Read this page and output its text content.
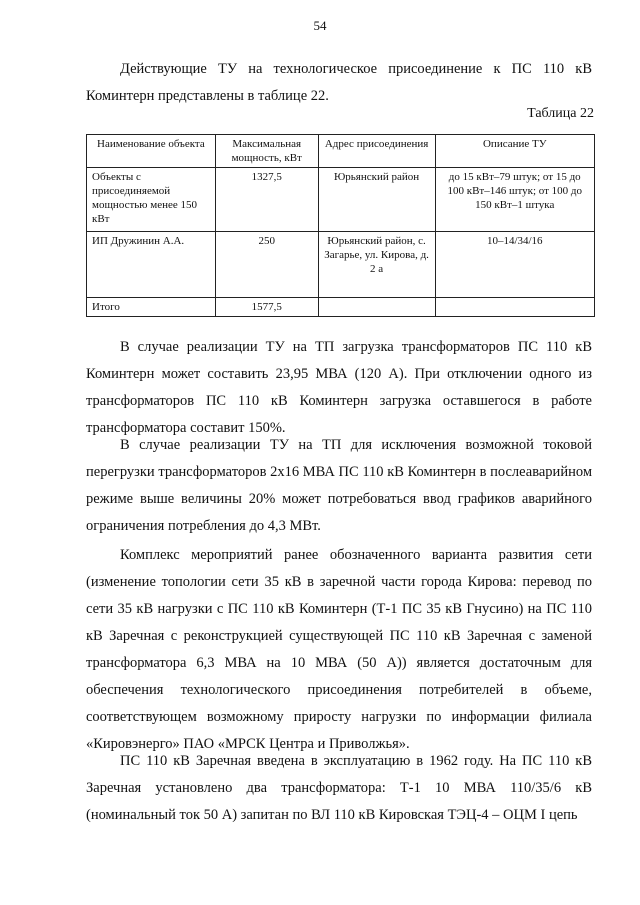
54

Действующие ТУ на технологическое присоединение к ПС 110 кВ Коминтерн представлены в таблице 22.

Таблица 22
Наименование объекта	Максимальная мощность, кВт	Адрес присоединения	Описание ТУ
Объекты с присоединяемой мощностью менее 150 кВт	1327,5	Юрьянский район	до 15 кВт–79 штук; от 15 до 100 кВт–146 штук; от 100 до 150 кВт–1 штука
ИП Дружинин А.А.	250	Юрьянский район, с. Загарье, ул. Кирова, д. 2 а	10–14/34/16
Итого	1577,5		

В случае реализации ТУ на ТП загрузка трансформаторов ПС 110 кВ Коминтерн может составить 23,95 МВА (120 А). При отключении одного из трансформаторов ПС 110 кВ Коминтерн загрузка оставшегося в работе трансформатора составит 150%.

В случае реализации ТУ на ТП для исключения возможной токовой перегрузки трансформаторов 2х16 МВА ПС 110 кВ Коминтерн в послеаварийном режиме выше величины 20% может потребоваться ввод графиков аварийного ограничения потребления до 4,3 МВт.

Комплекс мероприятий ранее обозначенного варианта развития сети (изменение топологии сети 35 кВ в заречной части города Кирова: перевод по сети 35 кВ нагрузки с ПС 110 кВ Коминтерн (Т-1 ПС 35 кВ Гнусино) на ПС 110 кВ Заречная с реконструкцией существующей ПС 110 кВ Заречная с заменой трансформатора 6,3 МВА на 10 МВА (50 А)) является достаточным для обеспечения технологического присоединения потребителей в объеме, соответствующем возможному приросту нагрузки по информации филиала «Кировэнерго» ПАО «МРСК Центра и Приволжья».

ПС 110 кВ Заречная введена в эксплуатацию в 1962 году. На ПС 110 кВ Заречная установлено два трансформатора: Т-1 10 МВА 110/35/6 кВ (номинальный ток 50 А) запитан по ВЛ 110 кВ Кировская ТЭЦ-4 – ОЦМ I цепь
